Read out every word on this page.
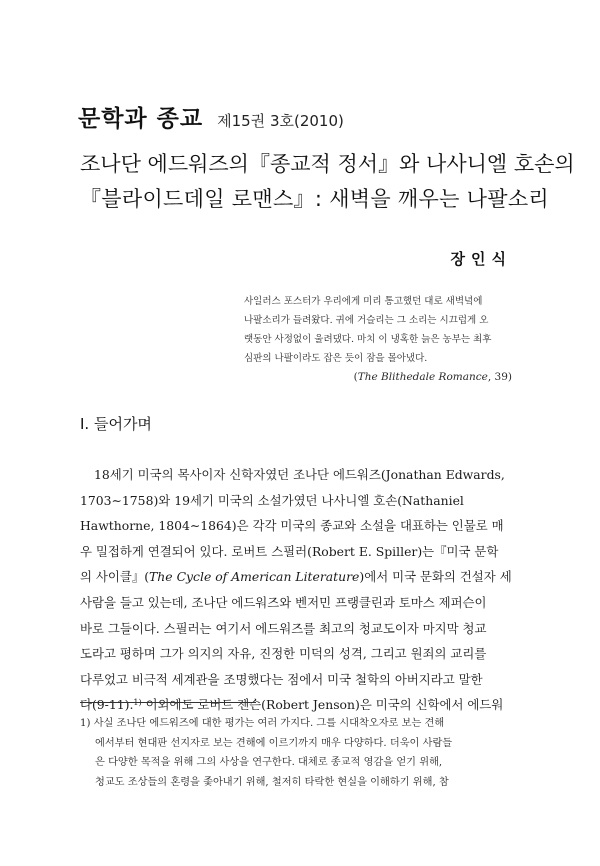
문학과 종교 제15권 3호(2010)
조나단 에드워즈의『종교적 정서』와 나사니엘 호손의
『블라이드데일 로맨스』: 새벽을 깨우는 나팔소리
장인식
사일러스 포스터가 우리에게 미리 통고했던 대로 새벽녘에
나팔소리가 들려왔다. 귀에 거슬리는 그 소리는 시끄럽게 오
랫동안 사정없이 울려댔다. 마치 이 냉혹한 늙은 농부는 최후
심판의 나팔이라도 잡은 듯이 잠을 몰아냈다.
(The Blithedale Romance, 39)
Ⅰ. 들어가며
18세기 미국의 목사이자 신학자였던 조나단 에드워즈(Jonathan Edwards,
1703∼1758)와 19세기 미국의 소설가였던 나사니엘 호손(Nathaniel
Hawthorne, 1804∼1864)은 각각 미국의 종교와 소설을 대표하는 인물로 매
우 밀접하게 연결되어 있다. 로버트 스필러(Robert E. Spiller)는『미국 문학
의 사이클』(The Cycle of American Literature)에서 미국 문화의 건설자 세
사람을 들고 있는데, 조나단 에드워즈와 벤저민 프랭클린과 토마스 제퍼슨이
바로 그들이다. 스필러는 여기서 에드워즈를 최고의 청교도이자 마지막 청교
도라고 평하며 그가 의지의 자유, 진정한 미덕의 성격, 그리고 원죄의 교리를
다루었고 비극적 세계관을 조명했다는 점에서 미국 철학의 아버지라고 말한
다(9-11).$^{1)}$ 이외에도 로버트 젠슨(Robert Jenson)은 미국의 신학에서 에드워
1) 사실 조나단 에드워즈에 대한 평가는 여러 가지다. 그를 시대착오자로 보는 견해
에서부터 현대판 선지자로 보는 견해에 이르기까지 매우 다양하다. 더욱이 사람들
은 다양한 목적을 위해 그의 사상을 연구한다. 대체로 종교적 영감을 얻기 위해,
청교도 조상들의 혼령을 좇아내기 위해, 철저히 타락한 현실을 이해하기 위해, 참
